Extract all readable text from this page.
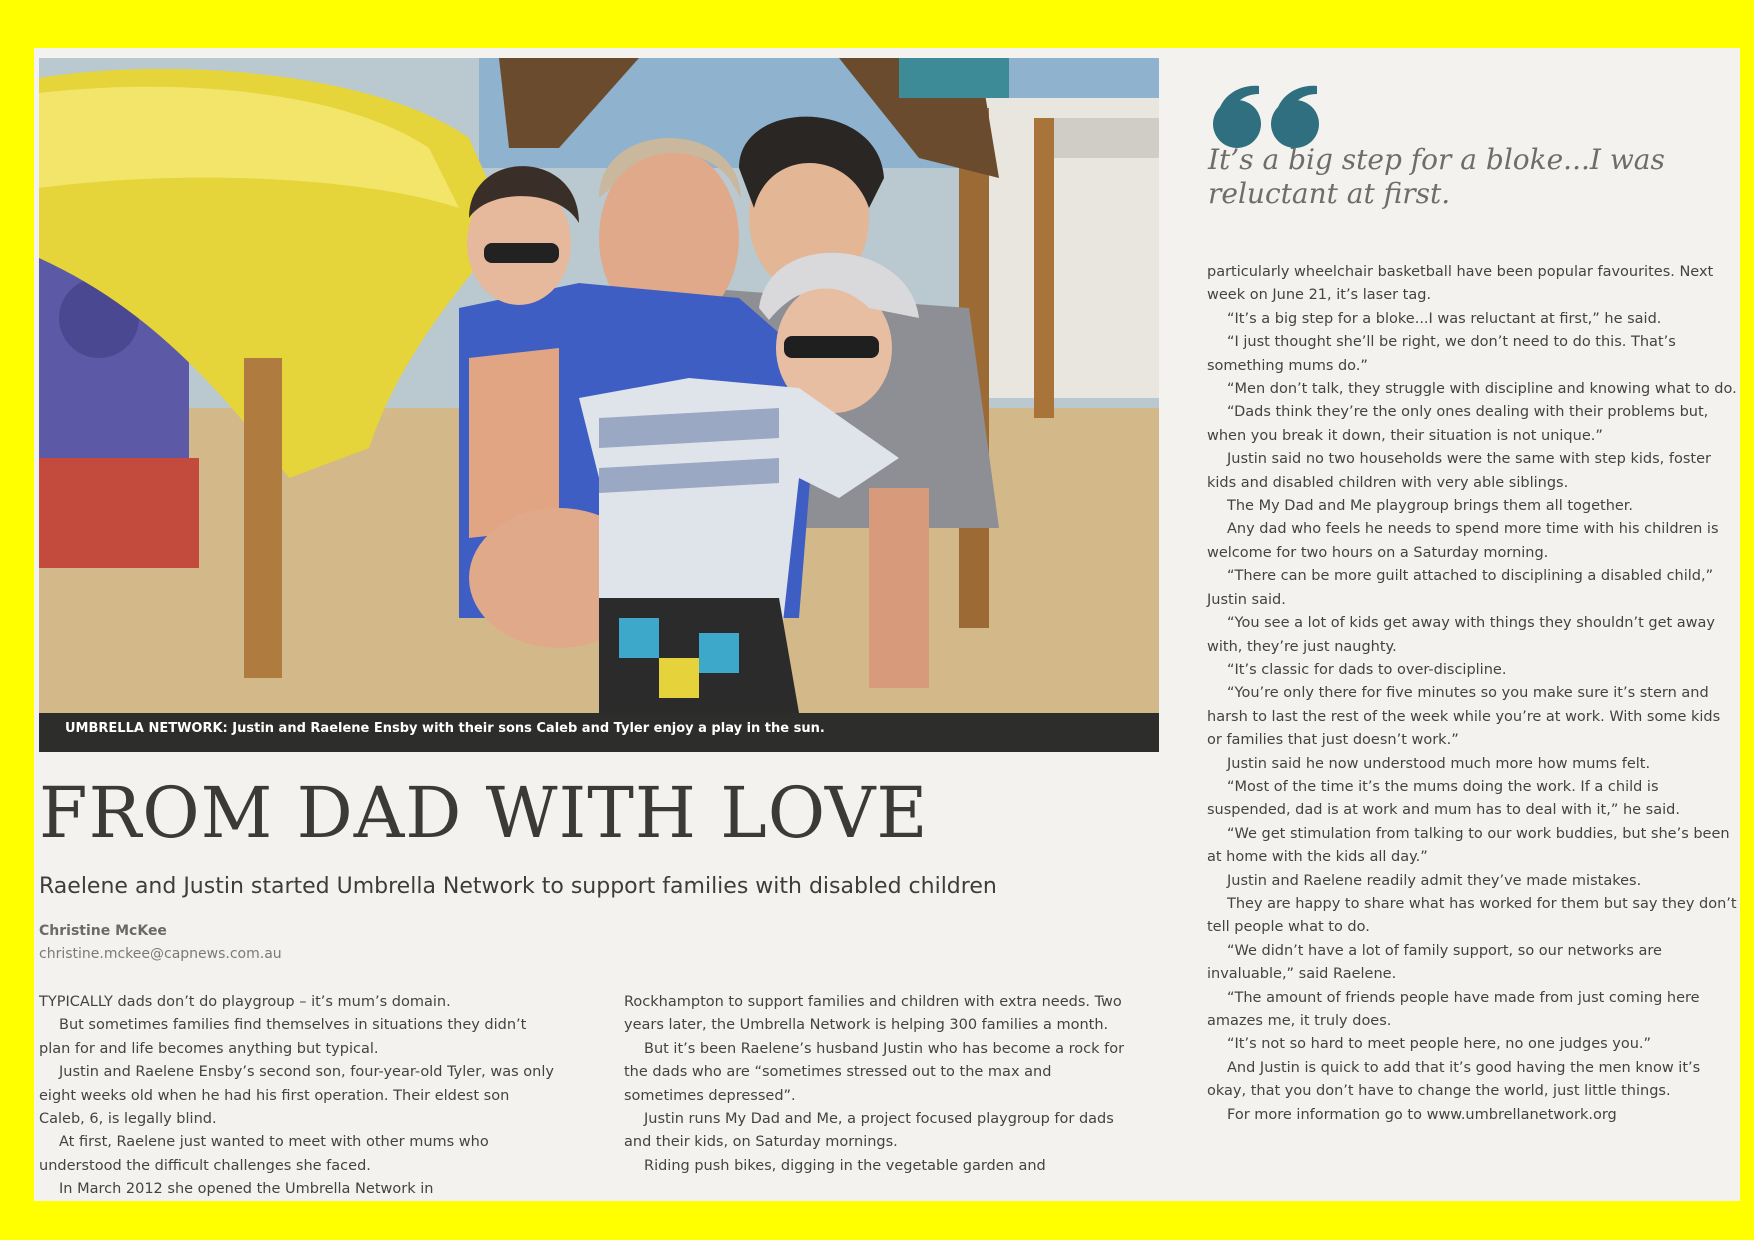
UMBRELLA NETWORK: Justin and Raelene Ensby with their sons Caleb and Tyler enjoy a play in the sun.
FROM DAD WITH LOVE
Raelene and Justin started Umbrella Network to support families with disabled children
Christine McKee
christine.mckee@capnews.com.au

TYPICALLY dads don’t do playgroup – it’s mum’s domain.

But sometimes families find themselves in situations they didn’t plan for and life becomes anything but typical.

Justin and Raelene Ensby’s second son, four-year-old Tyler, was only eight weeks old when he had his first operation. Their eldest son Caleb, 6, is legally blind.

At first, Raelene just wanted to meet with other mums who understood the difficult challenges she faced.

In March 2012 she opened the Umbrella Network in

Rockhampton to support families and children with extra needs. Two years later, the Umbrella Network is helping 300 families a month.

But it’s been Raelene’s husband Justin who has become a rock for the dads who are “sometimes stressed out to the max and sometimes depressed”.

Justin runs My Dad and Me, a project focused playgroup for dads and their kids, on Saturday mornings.

Riding push bikes, digging in the vegetable garden and

It’s a big step for a bloke...I was reluctant at first.

particularly wheelchair basketball have been popular favourites. Next week on June 21, it’s laser tag.

“It’s a big step for a bloke...I was reluctant at first,” he said.

“I just thought she’ll be right, we don’t need to do this. That’s something mums do.”

“Men don’t talk, they struggle with discipline and knowing what to do.

“Dads think they’re the only ones dealing with their problems but, when you break it down, their situation is not unique.”

Justin said no two households were the same with step kids, foster kids and disabled children with very able siblings.

The My Dad and Me playgroup brings them all together.

Any dad who feels he needs to spend more time with his children is welcome for two hours on a Saturday morning.

“There can be more guilt attached to disciplining a disabled child,” Justin said.

“You see a lot of kids get away with things they shouldn’t get away with, they’re just naughty.

“It’s classic for dads to over-discipline.

“You’re only there for five minutes so you make sure it’s stern and harsh to last the rest of the week while you’re at work. With some kids or families that just doesn’t work.”

Justin said he now understood much more how mums felt.

“Most of the time it’s the mums doing the work. If a child is suspended, dad is at work and mum has to deal with it,” he said.

“We get stimulation from talking to our work buddies, but she’s been at home with the kids all day.”

Justin and Raelene readily admit they’ve made mistakes.

They are happy to share what has worked for them but say they don’t tell people what to do.

“We didn’t have a lot of family support, so our networks are invaluable,” said Raelene.

“The amount of friends people have made from just coming here amazes me, it truly does.

“It’s not so hard to meet people here, no one judges you.”

And Justin is quick to add that it’s good having the men know it’s okay, that you don’t have to change the world, just little things.

For more information go to www.umbrellanetwork.org
